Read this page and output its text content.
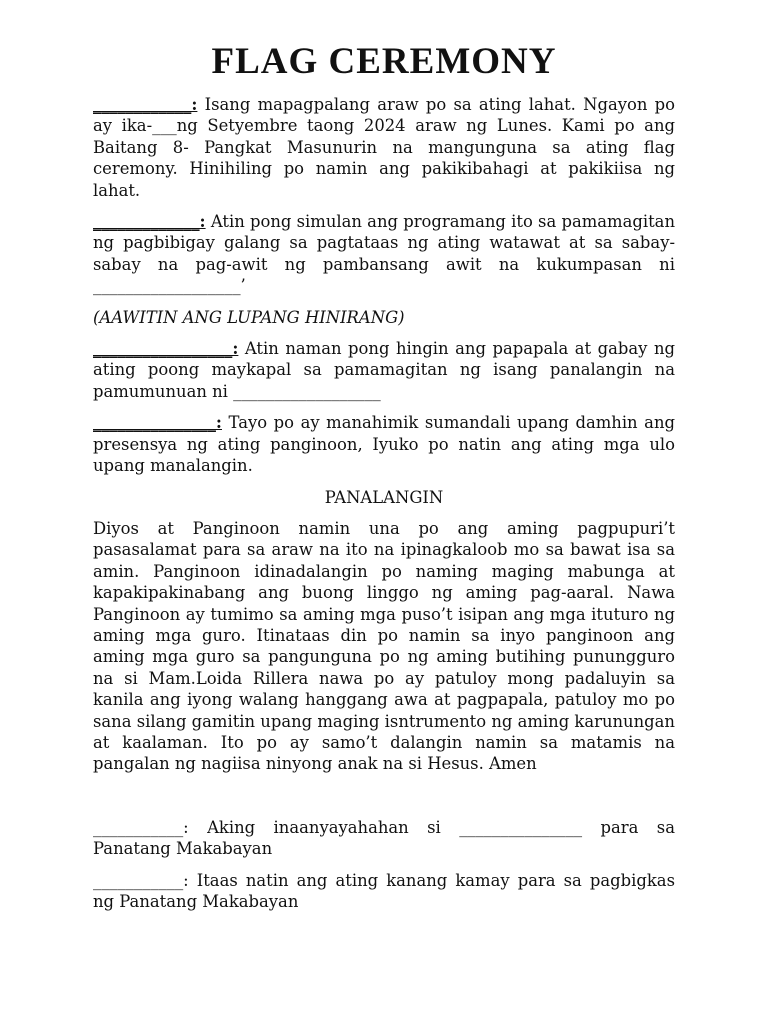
FLAG CEREMONY

____________: Isang mapagpalang araw po sa ating lahat. Ngayon po ay ika-___ng Setyembre taong 2024 araw ng Lunes. Kami po ang Baitang 8- Pangkat Masunurin na mangunguna sa ating flag ceremony. Hinihiling po namin ang pakikibahagi at pakikiisa ng lahat.

_____________: Atin pong simulan ang programang ito sa pamamagitan ng pagbibigay galang sa pagtataas ng ating watawat at sa sabay-sabay na pag-awit ng pambansang awit na kukumpasan ni __________________’

(AAWITIN ANG LUPANG HINIRANG)

_________________: Atin naman pong hingin ang papapala at gabay ng ating poong maykapal sa pamamagitan ng isang panalangin na pamumunuan ni __________________

_______________: Tayo po ay manahimik sumandali upang damhin ang presensya ng ating panginoon, Iyuko po natin ang ating mga ulo upang manalangin.

PANALANGIN

Diyos at Panginoon namin una po ang aming pagpupuri’t pasasalamat para sa araw na ito na ipinagkaloob mo sa bawat isa sa amin. Panginoon idinadalangin po naming maging mabunga at kapakipakinabang ang buong linggo ng aming pag-aaral. Nawa Panginoon ay tumimo sa aming mga puso’t isipan ang mga ituturo ng aming mga guro. Itinataas din po namin sa inyo panginoon ang aming mga guro sa pangunguna po ng aming butihing punungguro na si Mam.Loida Rillera nawa po ay patuloy mong padaluyin sa kanila ang iyong walang hanggang awa at pagpapala, patuloy mo po sana silang gamitin upang maging isntrumento ng aming karunungan at kaalaman. Ito po ay samo’t dalangin namin sa matamis na pangalan ng nagiisa ninyong anak na si Hesus. Amen

___________: Aking inaanyayahahan si _______________ para sa Panatang Makabayan

___________: Itaas natin ang ating kanang kamay para sa pagbigkas ng Panatang Makabayan
